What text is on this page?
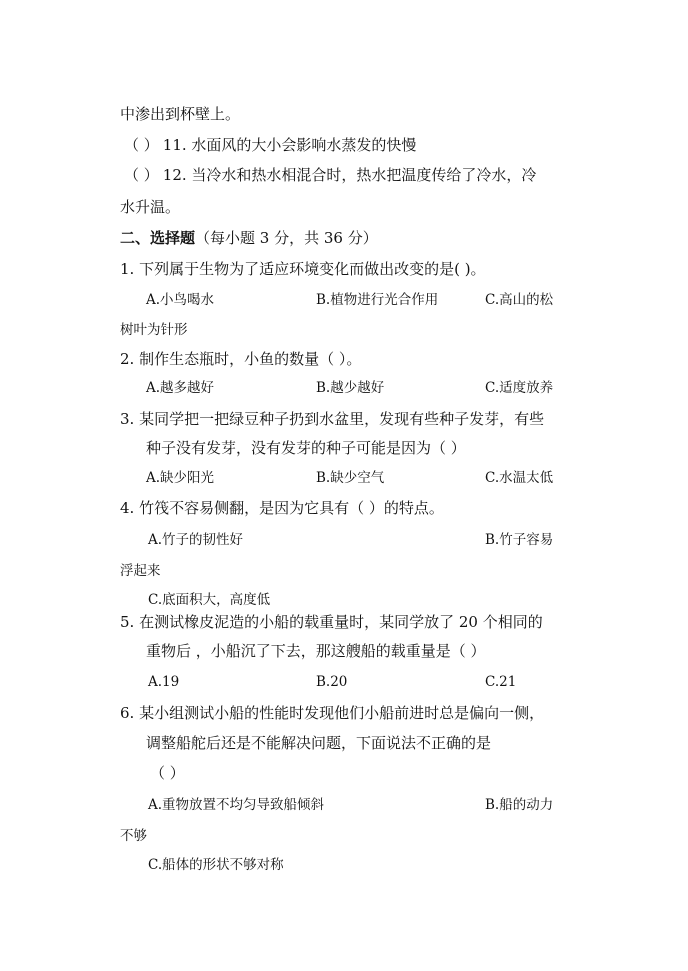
中渗出到杯壁上。
（ ） 11. 水面风的大小会影响水蒸发的快慢
（ ） 12. 当冷水和热水相混合时，热水把温度传给了冷水，冷
水升温。
二、选择题（每小题 3 分，共 36 分）
1. 下列属于生物为了适应环境变化而做出改变的是( )。
A.小鸟喝水	B.植物进行光合作用	C.高山的松
树叶为针形
2. 制作生态瓶时，小鱼的数量（ ）。
A.越多越好	B.越少越好	C.适度放养
3. 某同学把一把绿豆种子扔到水盆里，发现有些种子发芽，有些
种子没有发芽，没有发芽的种子可能是因为（ ）
A.缺少阳光	B.缺少空气	C.水温太低
4. 竹筏不容易侧翻，是因为它具有（ ）的特点。
A.竹子的韧性好	B.竹子容易
浮起来
C.底面积大，高度低
5. 在测试橡皮泥造的小船的载重量时，某同学放了 20 个相同的
重物后 ，小船沉了下去，那这艘船的载重量是（ ）
A.19	B.20	C.21
6. 某小组测试小船的性能时发现他们小船前进时总是偏向一侧，
调整船舵后还是不能解决问题，下面说法不正确的是
（ ）
A.重物放置不均匀导致船倾斜	B.船的动力
不够
C.船体的形状不够对称
